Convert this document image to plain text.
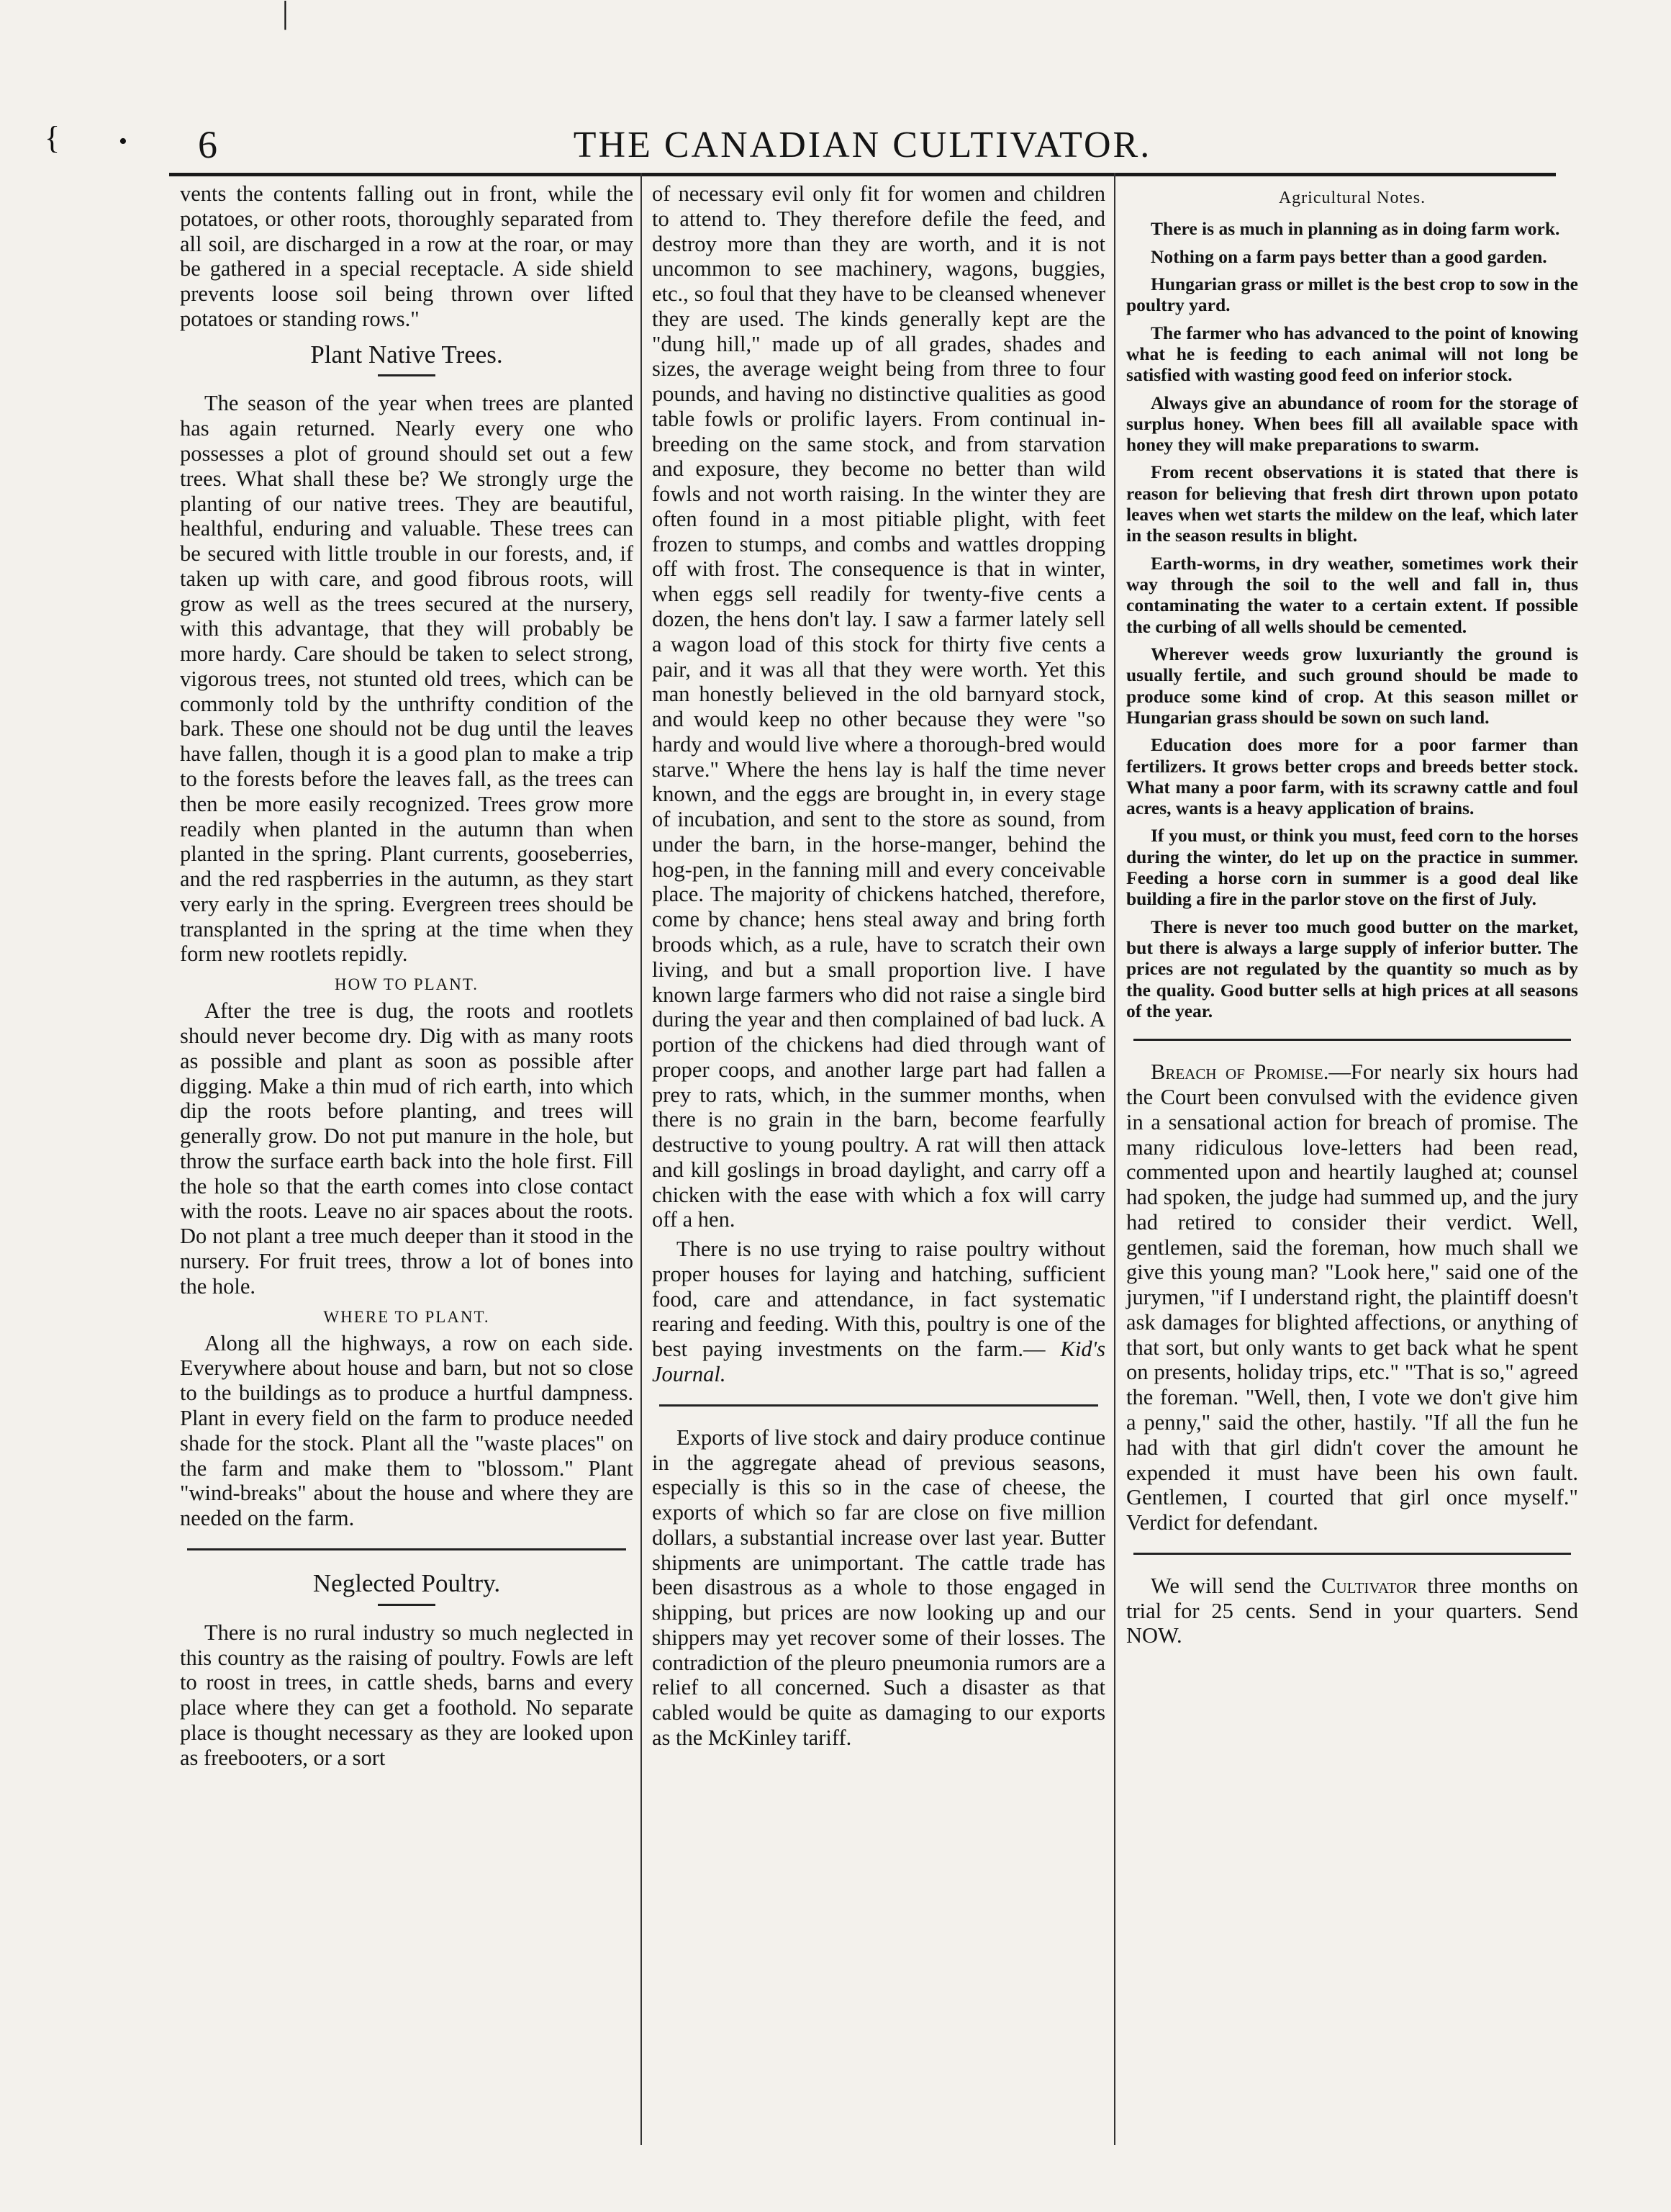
|
{ • 6	THE CANADIAN CULTIVATOR.

vents the contents falling out in front, while the potatoes, or other roots, thoroughly separated from all soil, are discharged in a row at the roar, or may be gathered in a special receptacle. A side shield prevents loose soil being thrown over lifted potatoes or standing rows."

Plant Native Trees.

The season of the year when trees are planted has again returned. Nearly every one who possesses a plot of ground should set out a few trees. What shall these be? We strongly urge the planting of our native trees. They are beautiful, healthful, enduring and valuable. These trees can be secured with little trouble in our forests, and, if taken up with care, and good fibrous roots, will grow as well as the trees secured at the nursery, with this advantage, that they will probably be more hardy. Care should be taken to select strong, vigorous trees, not stunted old trees, which can be commonly told by the unthrifty condition of the bark. These one should not be dug until the leaves have fallen, though it is a good plan to make a trip to the forests before the leaves fall, as the trees can then be more easily recognized. Trees grow more readily when planted in the autumn than when planted in the spring. Plant currents, gooseberries, and the red raspberries in the autumn, as they start very early in the spring. Evergreen trees should be transplanted in the spring at the time when they form new rootlets repidly.

HOW TO PLANT.

After the tree is dug, the roots and rootlets should never become dry. Dig with as many roots as possible and plant as soon as possible after digging. Make a thin mud of rich earth, into which dip the roots before planting, and trees will generally grow. Do not put manure in the hole, but throw the surface earth back into the hole first. Fill the hole so that the earth comes into close contact with the roots. Leave no air spaces about the roots. Do not plant a tree much deeper than it stood in the nursery. For fruit trees, throw a lot of bones into the hole.

WHERE TO PLANT.

Along all the highways, a row on each side. Everywhere about house and barn, but not so close to the buildings as to produce a hurtful dampness. Plant in every field on the farm to produce needed shade for the stock. Plant all the "waste places" on the farm and make them to "blossom." Plant "wind-breaks" about the house and where they are needed on the farm.

Neglected Poultry.

There is no rural industry so much neglected in this country as the raising of poultry. Fowls are left to roost in trees, in cattle sheds, barns and every place where they can get a foothold. No separate place is thought necessary as they are looked upon as freebooters, or a sort

of necessary evil only fit for women and children to attend to. They therefore defile the feed, and destroy more than they are worth, and it is not uncommon to see machinery, wagons, buggies, etc., so foul that they have to be cleansed whenever they are used. The kinds generally kept are the "dung hill," made up of all grades, shades and sizes, the average weight being from three to four pounds, and having no distinctive qualities as good table fowls or prolific layers. From continual in-breeding on the same stock, and from starvation and exposure, they become no better than wild fowls and not worth raising. In the winter they are often found in a most pitiable plight, with feet frozen to stumps, and combs and wattles dropping off with frost. The consequence is that in winter, when eggs sell readily for twenty-five cents a dozen, the hens don't lay. I saw a farmer lately sell a wagon load of this stock for thirty five cents a pair, and it was all that they were worth. Yet this man honestly believed in the old barnyard stock, and would keep no other because they were "so hardy and would live where a thorough-bred would starve." Where the hens lay is half the time never known, and the eggs are brought in, in every stage of incubation, and sent to the store as sound, from under the barn, in the horse-manger, behind the hog-pen, in the fanning mill and every conceivable place. The majority of chickens hatched, therefore, come by chance; hens steal away and bring forth broods which, as a rule, have to scratch their own living, and but a small proportion live. I have known large farmers who did not raise a single bird during the year and then complained of bad luck. A portion of the chickens had died through want of proper coops, and another large part had fallen a prey to rats, which, in the summer months, when there is no grain in the barn, become fearfully destructive to young poultry. A rat will then attack and kill goslings in broad daylight, and carry off a chicken with the ease with which a fox will carry off a hen.

There is no use trying to raise poultry without proper houses for laying and hatching, sufficient food, care and attendance, in fact systematic rearing and feeding. With this, poultry is one of the best paying investments on the farm.— Kid's Journal.

Exports of live stock and dairy produce continue in the aggregate ahead of previous seasons, especially is this so in the case of cheese, the exports of which so far are close on five million dollars, a substantial increase over last year. Butter shipments are unimportant. The cattle trade has been disastrous as a whole to those engaged in shipping, but prices are now looking up and our shippers may yet recover some of their losses. The contradiction of the pleuro pneumonia rumors are a relief to all concerned. Such a disaster as that cabled would be quite as damaging to our exports as the McKinley tariff.

Agricultural Notes.

There is as much in planning as in doing farm work.

Nothing on a farm pays better than a good garden.

Hungarian grass or millet is the best crop to sow in the poultry yard.

The farmer who has advanced to the point of knowing what he is feeding to each animal will not long be satisfied with wasting good feed on inferior stock.

Always give an abundance of room for the storage of surplus honey. When bees fill all available space with honey they will make preparations to swarm.

From recent observations it is stated that there is reason for believing that fresh dirt thrown upon potato leaves when wet starts the mildew on the leaf, which later in the season results in blight.

Earth-worms, in dry weather, sometimes work their way through the soil to the well and fall in, thus contaminating the water to a certain extent. If possible the curbing of all wells should be cemented.

Wherever weeds grow luxuriantly the ground is usually fertile, and such ground should be made to produce some kind of crop. At this season millet or Hungarian grass should be sown on such land.

Education does more for a poor farmer than fertilizers. It grows better crops and breeds better stock. What many a poor farm, with its scrawny cattle and foul acres, wants is a heavy application of brains.

If you must, or think you must, feed corn to the horses during the winter, do let up on the practice in summer. Feeding a horse corn in summer is a good deal like building a fire in the parlor stove on the first of July.

There is never too much good butter on the market, but there is always a large supply of inferior butter. The prices are not regulated by the quantity so much as by the quality. Good butter sells at high prices at all seasons of the year.

Breach of Promise.—For nearly six hours had the Court been convulsed with the evidence given in a sensational action for breach of promise. The many ridiculous love-letters had been read, commented upon and heartily laughed at; counsel had spoken, the judge had summed up, and the jury had retired to consider their verdict. Well, gentlemen, said the foreman, how much shall we give this young man? "Look here," said one of the jurymen, "if I understand right, the plaintiff doesn't ask damages for blighted affections, or anything of that sort, but only wants to get back what he spent on presents, holiday trips, etc." "That is so," agreed the foreman. "Well, then, I vote we don't give him a penny," said the other, hastily. "If all the fun he had with that girl didn't cover the amount he expended it must have been his own fault. Gentlemen, I courted that girl once myself." Verdict for defendant.

We will send the Cultivator three months on trial for 25 cents. Send in your quarters. Send NOW.
